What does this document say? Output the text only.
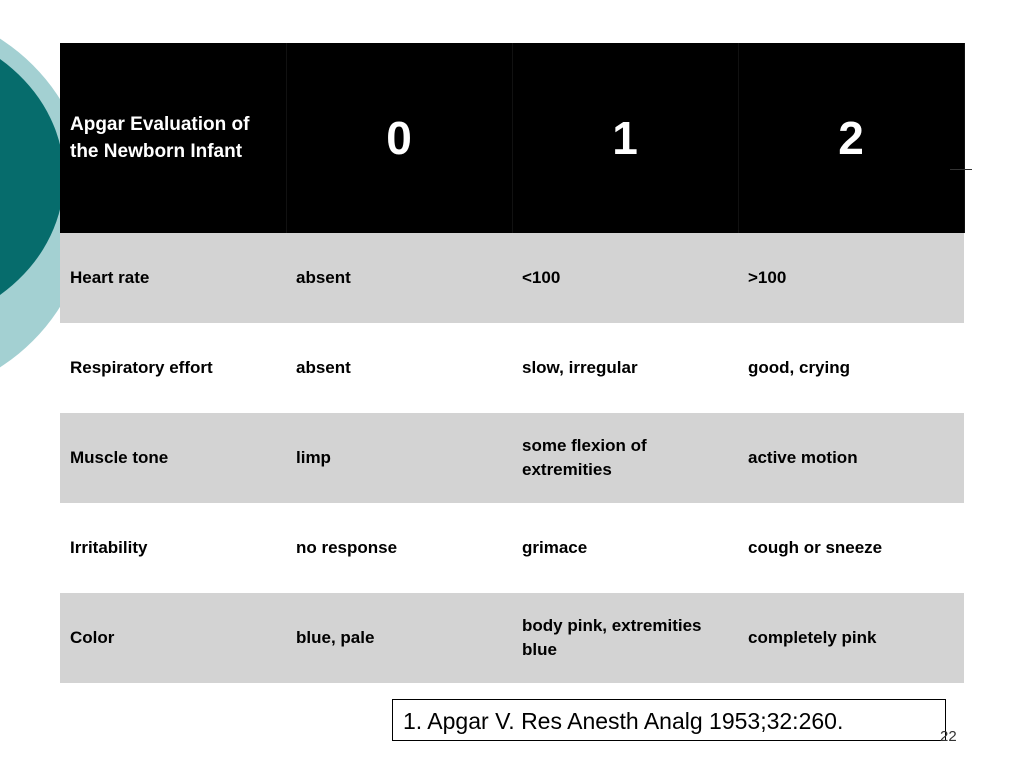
Apgar Evaluation of the Newborn Infant	0	1	2
Heart rate	absent	<100	>100
Respiratory effort	absent	slow, irregular	good, crying
Muscle tone	limp	some flexion of extremities	active motion
Irritability	no response	grimace	cough or sneeze
Color	blue, pale	body pink, extremities blue	completely pink
1. Apgar V. Res Anesth Analg 1953;32:260.
22
